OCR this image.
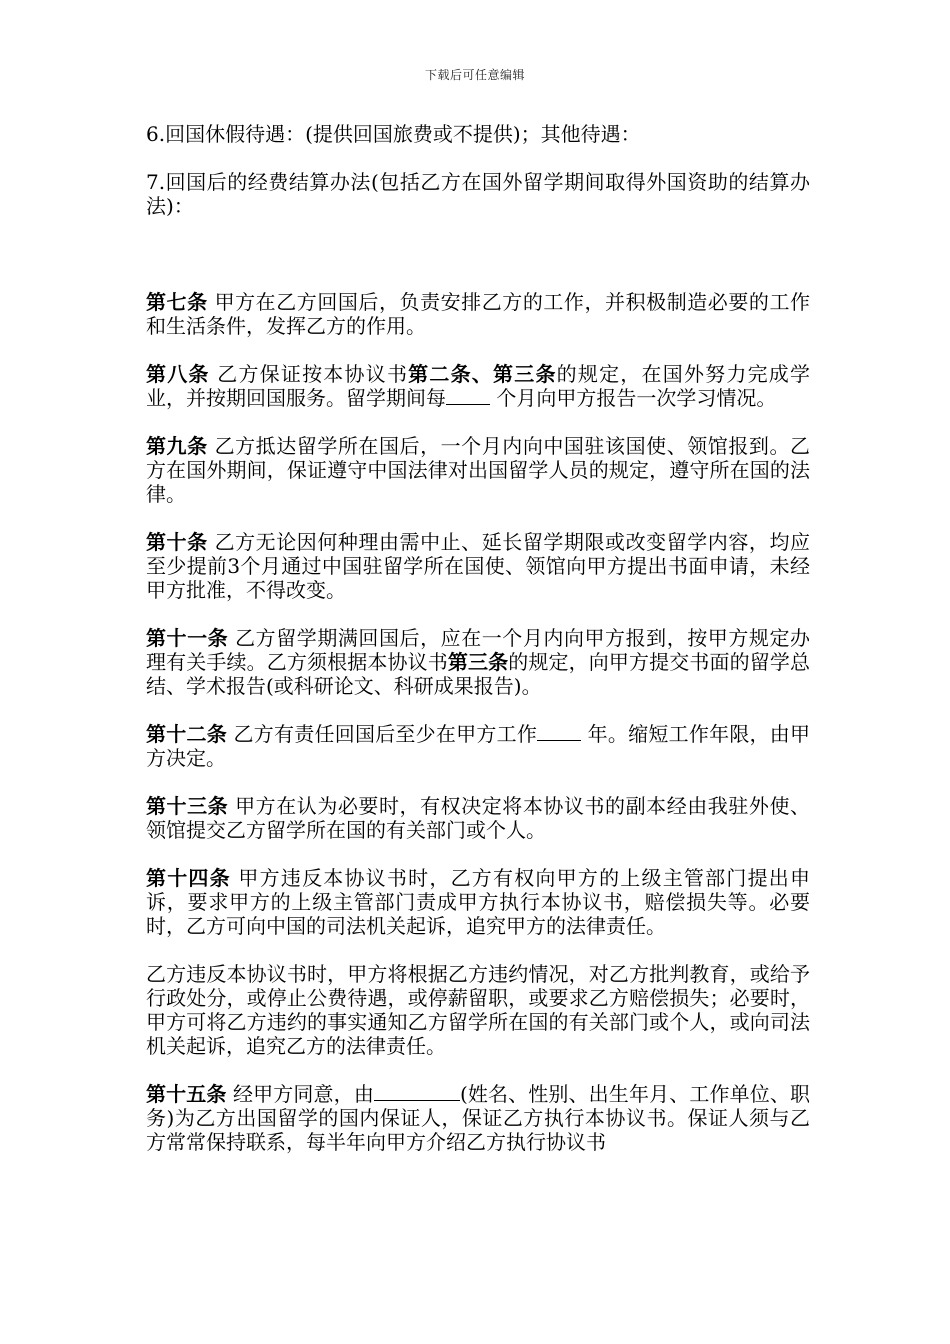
下载后可任意编辑

6.回国休假待遇：(提供回国旅费或不提供)；其他待遇：

7.回国后的经费结算办法(包括乙方在国外留学期间取得外国资助的结算办法)：

第七条 甲方在乙方回国后，负责安排乙方的工作，并积极制造必要的工作和生活条件，发挥乙方的作用。

第八条 乙方保证按本协议书第二条、第三条的规定，在国外努力完成学业，并按期回国服务。留学期间每 个月向甲方报告一次学习情况。

第九条 乙方抵达留学所在国后，一个月内向中国驻该国使、领馆报到。乙方在国外期间，保证遵守中国法律对出国留学人员的规定，遵守所在国的法律。

第十条 乙方无论因何种理由需中止、延长留学期限或改变留学内容，均应至少提前3个月通过中国驻留学所在国使、领馆向甲方提出书面申请，未经甲方批准，不得改变。

第十一条 乙方留学期满回国后，应在一个月内向甲方报到，按甲方规定办理有关手续。乙方须根据本协议书第三条的规定，向甲方提交书面的留学总结、学术报告(或科研论文、科研成果报告)。

第十二条 乙方有责任回国后至少在甲方工作 年。缩短工作年限，由甲方决定。

第十三条 甲方在认为必要时，有权决定将本协议书的副本经由我驻外使、领馆提交乙方留学所在国的有关部门或个人。

第十四条 甲方违反本协议书时，乙方有权向甲方的上级主管部门提出申诉，要求甲方的上级主管部门责成甲方执行本协议书，赔偿损失等。必要时，乙方可向中国的司法机关起诉，追究甲方的法律责任。

乙方违反本协议书时，甲方将根据乙方违约情况，对乙方批判教育，或给予行政处分，或停止公费待遇，或停薪留职，或要求乙方赔偿损失；必要时，甲方可将乙方违约的事实通知乙方留学所在国的有关部门或个人，或向司法机关起诉，追究乙方的法律责任。

第十五条 经甲方同意，由	(姓名、性别、出生年月、工作单位、职务)为乙方出国留学的国内保证人，保证乙方执行本协议书。保证人须与乙方常常保持联系，每半年向甲方介绍乙方执行协议书
